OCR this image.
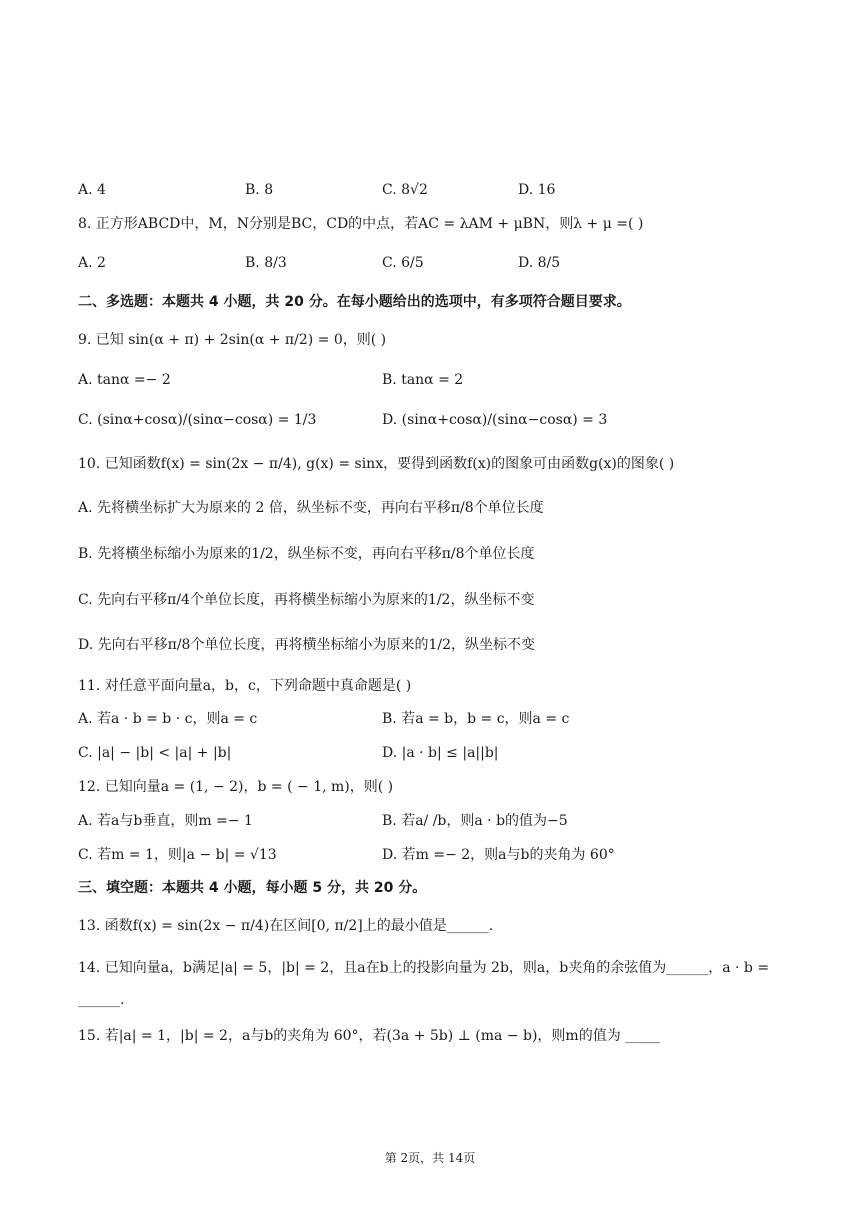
A. 4	B. 8	C. 8√2	D. 16
8. 正方形ABCD中，M，N分别是BC，CD的中点，若AC = λAM + μBN，则λ + μ =( )
A. 2	B. 8/3	C. 6/5	D. 8/5
二、多选题：本题共 4 小题，共 20 分。在每小题给出的选项中，有多项符合题目要求。
9. 已知 sin(α + π) + 2sin(α + π/2) = 0，则( )
A. tanα =− 2	B. tanα = 2
C. (sinα+cosα)/(sinα−cosα) = 1/3	D. (sinα+cosα)/(sinα−cosα) = 3
10. 已知函数f(x) = sin(2x − π/4), g(x) = sinx，要得到函数f(x)的图象可由函数g(x)的图象( )
A. 先将横坐标扩大为原来的 2 倍，纵坐标不变，再向右平移π/8个单位长度
B. 先将横坐标缩小为原来的1/2，纵坐标不变，再向右平移π/8个单位长度
C. 先向右平移π/4个单位长度，再将横坐标缩小为原来的1/2，纵坐标不变
D. 先向右平移π/8个单位长度，再将横坐标缩小为原来的1/2，纵坐标不变
11. 对任意平面向量a，b，c，下列命题中真命题是( )
A. 若a · b = b · c，则a = c	B. 若a = b，b = c，则a = c
C. |a| − |b| < |a| + |b|	D. |a · b| ≤ |a||b|
12. 已知向量a = (1, − 2)，b = ( − 1, m)，则( )
A. 若a与b垂直，则m =− 1	B. 若a/ /b，则a · b的值为−5
C. 若m = 1，则|a − b| = √13	D. 若m =− 2，则a与b的夹角为 60°
三、填空题：本题共 4 小题，每小题 5 分，共 20 分。
13. 函数f(x) = sin(2x − π/4)在区间[0, π/2]上的最小值是______.
14. 已知向量a，b满足|a| = 5，|b| = 2，且a在b上的投影向量为 2b，则a，b夹角的余弦值为______，a · b =
______.
15. 若|a| = 1，|b| = 2，a与b的夹角为 60°，若(3a + 5b) ⊥ (ma − b)，则m的值为 _____
第 2页，共 14页
